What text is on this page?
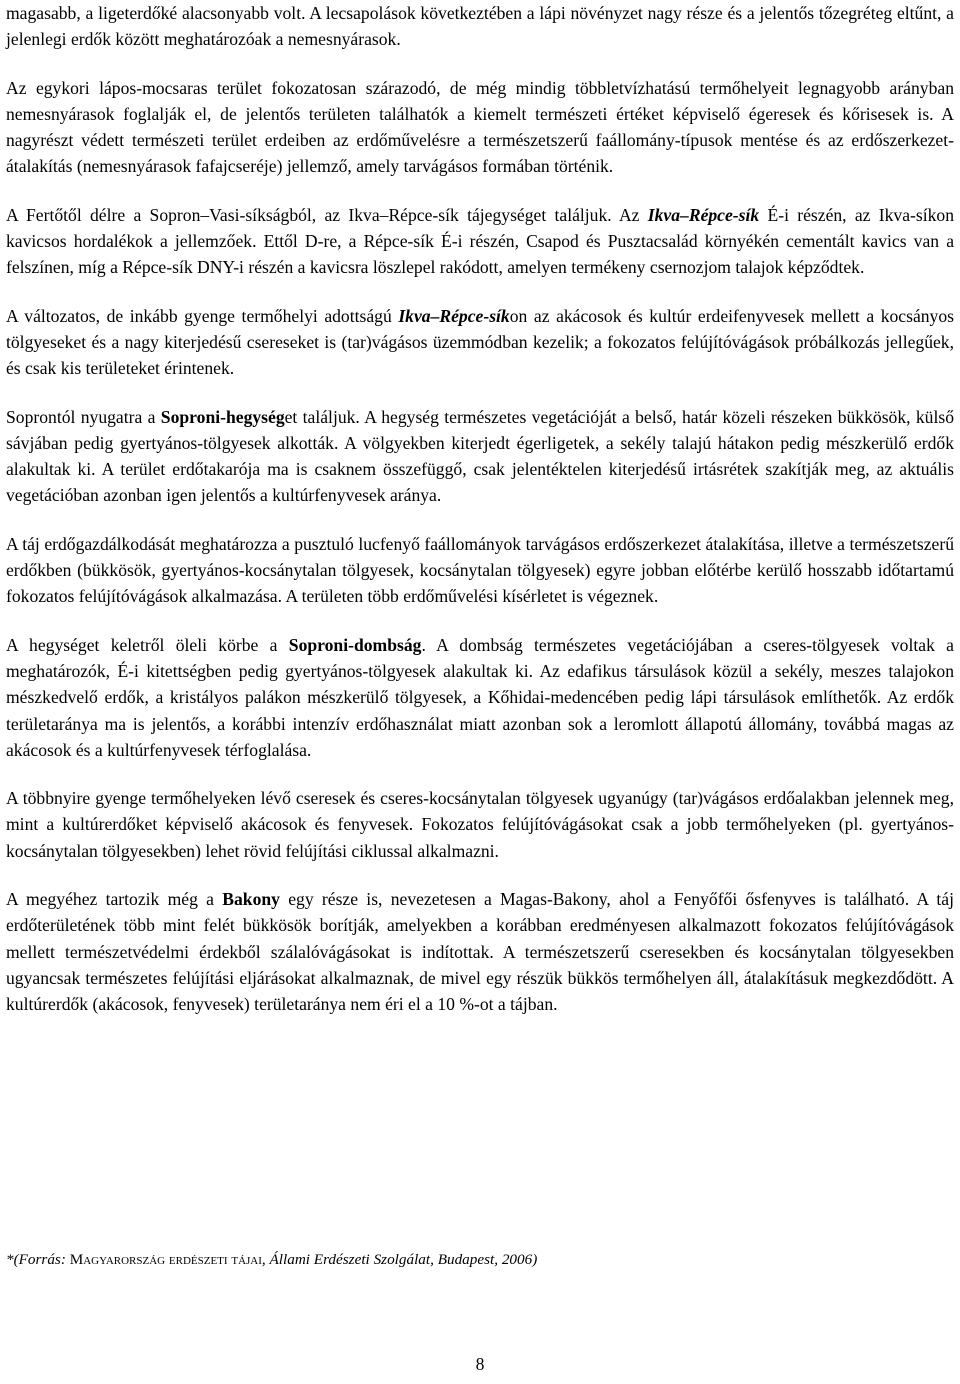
magasabb, a ligeterdőké alacsonyabb volt. A lecsapolások következtében a lápi növényzet nagy része és a jelentős tőzegréteg eltűnt, a jelenlegi erdők között meghatározóak a nemesnyárasok.

Az egykori lápos-mocsaras terület fokozatosan szárazodó, de még mindig többletvízhatású termőhelyeit legnagyobb arányban nemesnyárasok foglalják el, de jelentős területen találhatók a kiemelt természeti értéket képviselő égeresek és kőrisesek is. A nagyrészt védett természeti terület erdeiben az erdőművelésre a természetszerű faállomány-típusok mentése és az erdőszerkezet-átalakítás (nemesnyárasok fafajcseréje) jellemző, amely tarvágásos formában történik.

A Fertőtől délre a Sopron–Vasi-síkságból, az Ikva–Répce-sík tájegységet találjuk. Az Ikva–Répce-sík É-i részén, az Ikva-síkon kavicsos hordalékok a jellemzőek. Ettől D-re, a Répce-sík É-i részén, Csapod és Pusztacsalád környékén cementált kavics van a felszínen, míg a Répce-sík DNY-i részén a kavicsra löszlepel rakódott, amelyen termékeny csernozjom talajok képződtek.

A változatos, de inkább gyenge termőhelyi adottságú Ikva–Répce-síkon az akácosok és kultúr erdeifenyvesek mellett a kocsányos tölgyeseket és a nagy kiterjedésű csereseket is (tar)vágásos üzemmódban kezelik; a fokozatos felújítóvágások próbálkozás jellegűek, és csak kis területeket érintenek.

Soprontól nyugatra a Soproni-hegységet találjuk. A hegység természetes vegetációját a belső, határ közeli részeken bükkösök, külső sávjában pedig gyertyános-tölgyesek alkották. A völgyekben kiterjedt égerligetek, a sekély talajú hátakon pedig mészkerülő erdők alakultak ki. A terület erdőtakarója ma is csaknem összefüggő, csak jelentéktelen kiterjedésű irtásrétek szakítják meg, az aktuális vegetációban azonban igen jelentős a kultúrfenyvesek aránya.

A táj erdőgazdálkodását meghatározza a pusztuló lucfenyő faállományok tarvágásos erdőszerkezet átalakítása, illetve a természetszerű erdőkben (bükkösök, gyertyános-kocsánytalan tölgyesek, kocsánytalan tölgyesek) egyre jobban előtérbe kerülő hosszabb időtartamú fokozatos felújítóvágások alkalmazása. A területen több erdőművelési kísérletet is végeznek.

A hegységet keletről öleli körbe a Soproni-dombság. A dombság természetes vegetációjában a cseres-tölgyesek voltak a meghatározók, É-i kitettségben pedig gyertyános-tölgyesek alakultak ki. Az edafikus társulások közül a sekély, meszes talajokon mészkedvelő erdők, a kristályos palákon mészkerülő tölgyesek, a Kőhidai-medencében pedig lápi társulások említhetők. Az erdők területaránya ma is jelentős, a korábbi intenzív erdőhasználat miatt azonban sok a leromlott állapotú állomány, továbbá magas az akácosok és a kultúrfenyvesek térfoglalása.

A többnyire gyenge termőhelyeken lévő cseresek és cseres-kocsánytalan tölgyesek ugyanúgy (tar)vágásos erdőalakban jelennek meg, mint a kultúrerdőket képviselő akácosok és fenyvesek. Fokozatos felújítóvágásokat csak a jobb termőhelyeken (pl. gyertyános-kocsánytalan tölgyesekben) lehet rövid felújítási ciklussal alkalmazni.

A megyéhez tartozik még a Bakony egy része is, nevezetesen a Magas-Bakony, ahol a Fenyőfői ősfenyves is található. A táj erdőterületének több mint felét bükkösök borítják, amelyekben a korábban eredményesen alkalmazott fokozatos felújítóvágások mellett természetvédelmi érdekből szálalóvágásokat is indítottak. A természetszerű cseresekben és kocsánytalan tölgyesekben ugyancsak természetes felújítási eljárásokat alkalmaznak, de mivel egy részük bükkös termőhelyen áll, átalakításuk megkezdődött. A kultúrerdők (akácosok, fenyvesek) területaránya nem éri el a 10 %-ot a tájban.

*(Forrás: Magyarország erdészeti tájai, Állami Erdészeti Szolgálat, Budapest, 2006)
8
